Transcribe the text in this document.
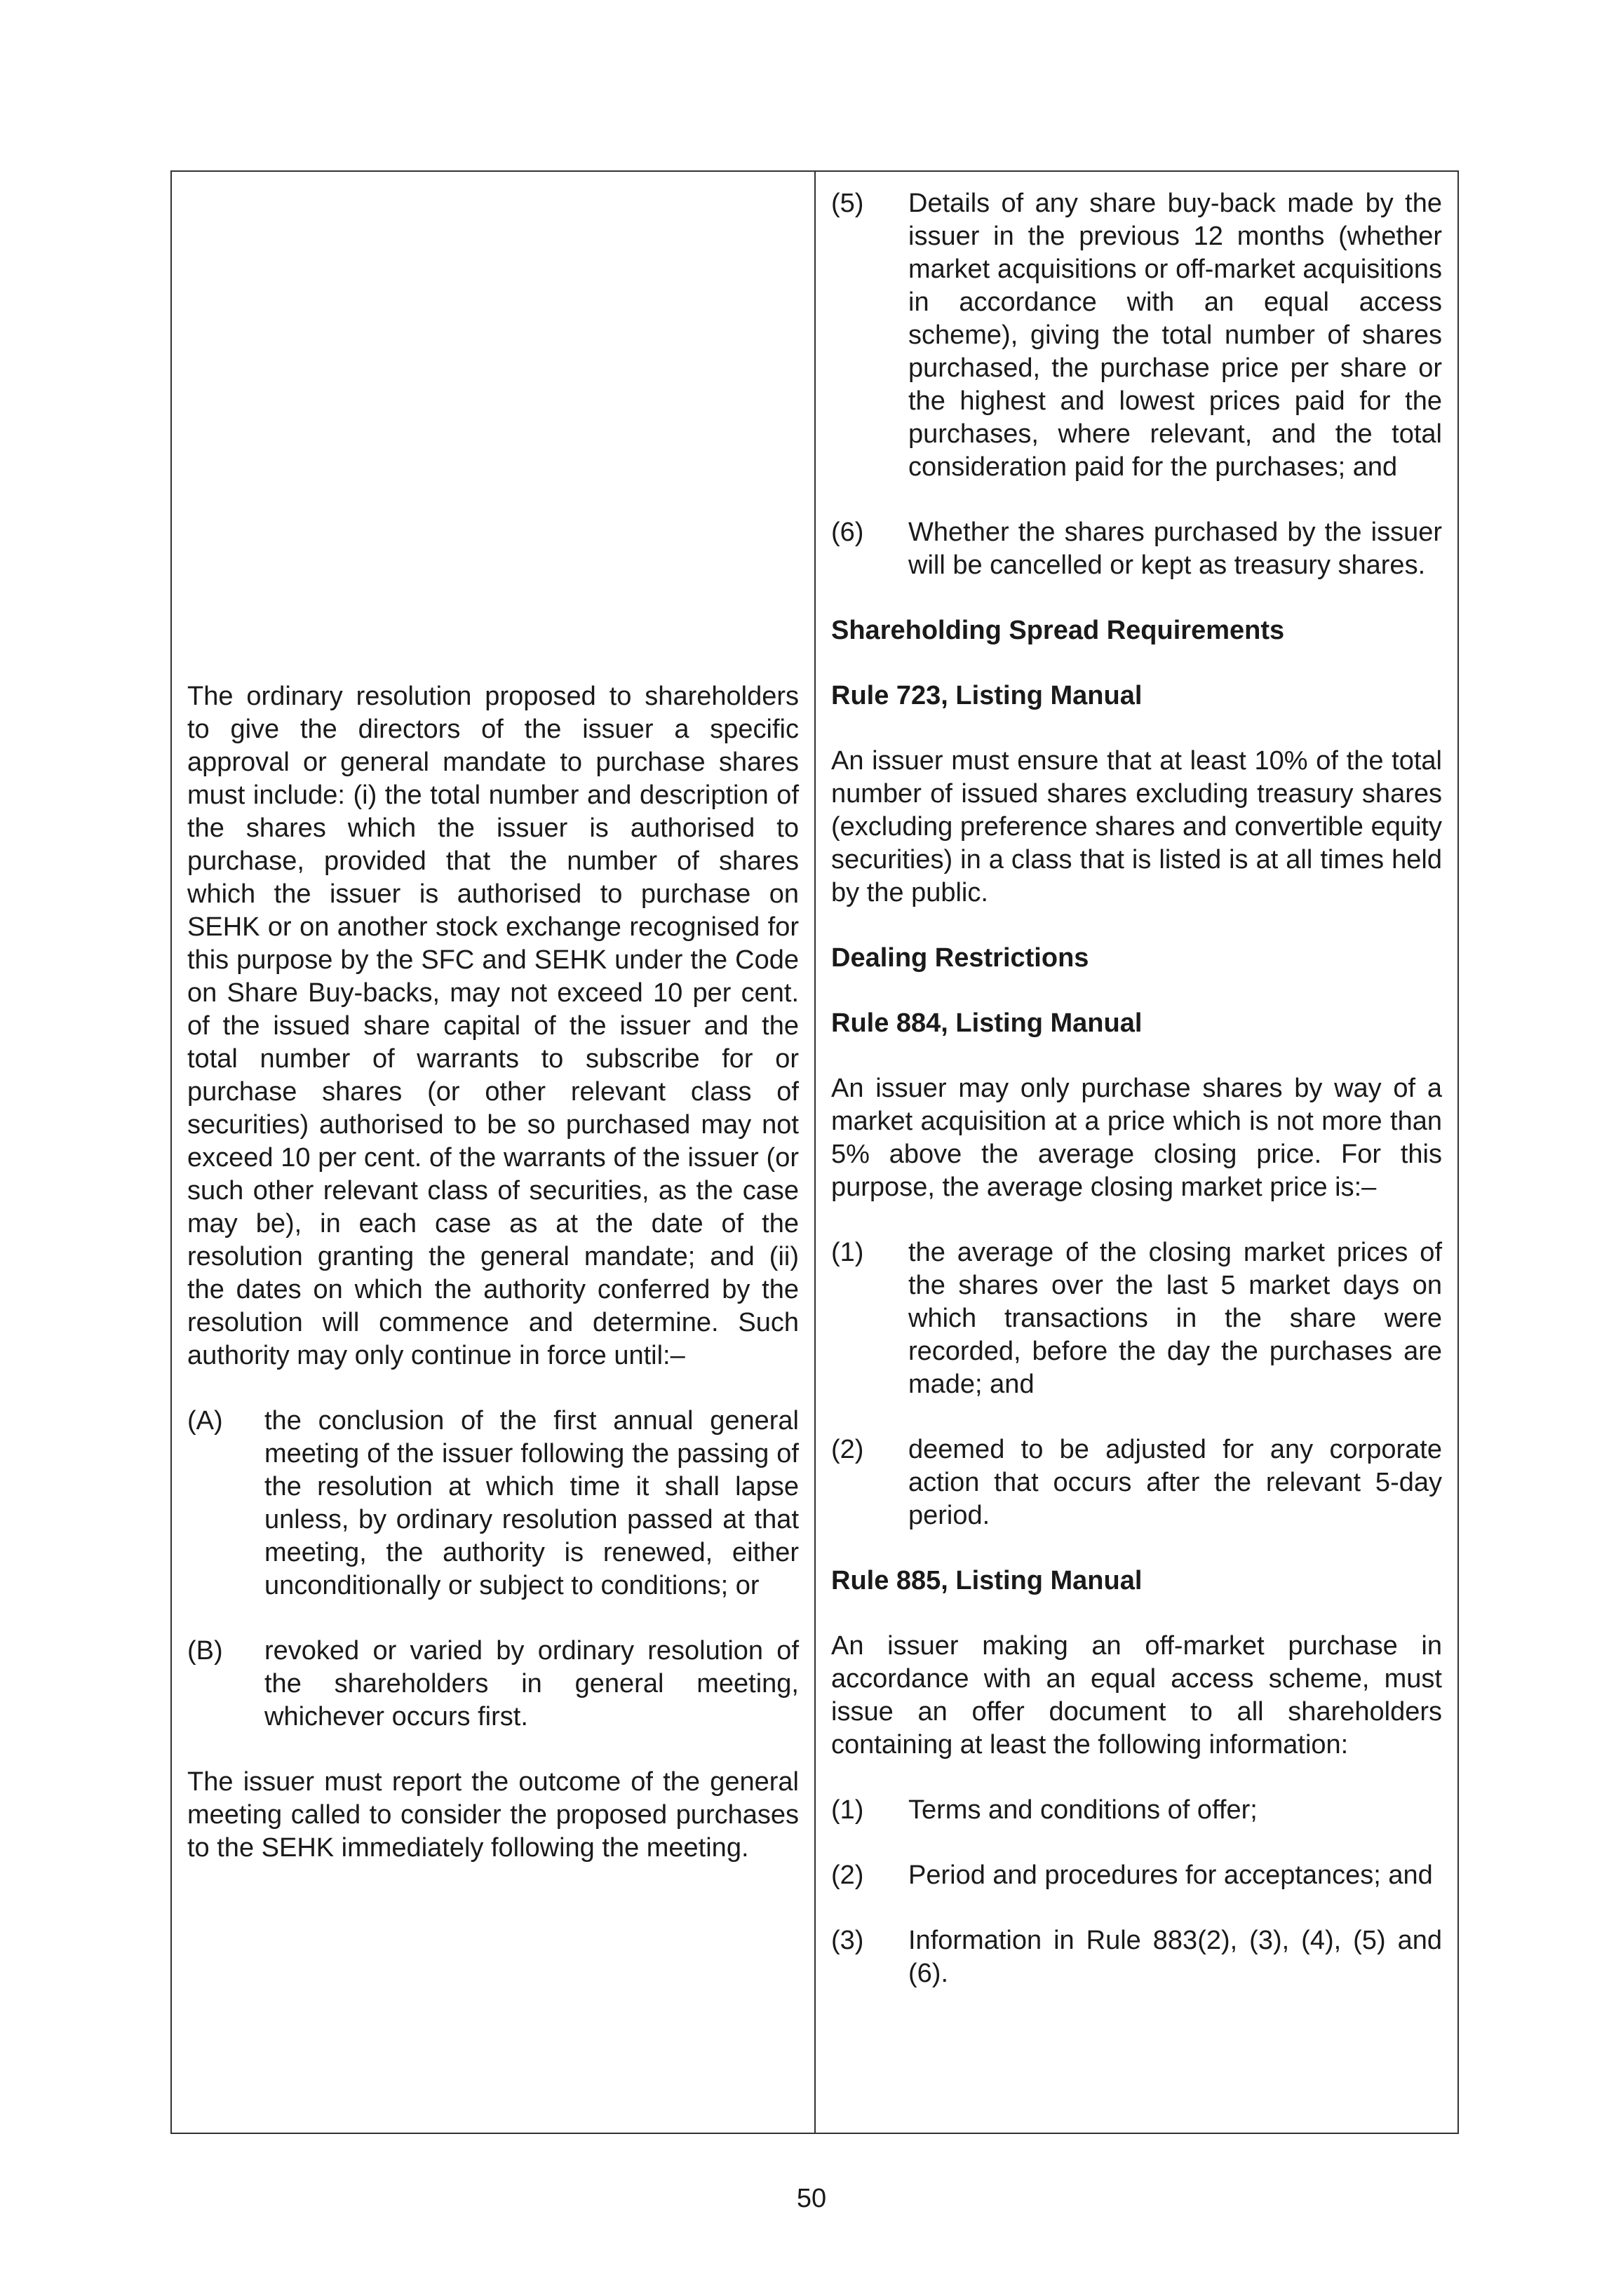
The ordinary resolution proposed to shareholders to give the directors of the issuer a specific approval or general mandate to purchase shares must include: (i) the total number and description of the shares which the issuer is authorised to purchase, provided that the number of shares which the issuer is authorised to purchase on SEHK or on another stock exchange recognised for this purpose by the SFC and SEHK under the Code on Share Buy-backs, may not exceed 10 per cent. of the issued share capital of the issuer and the total number of warrants to subscribe for or purchase shares (or other relevant class of securities) authorised to be so purchased may not exceed 10 per cent. of the warrants of the issuer (or such other relevant class of securities, as the case may be), in each case as at the date of the resolution granting the general mandate; and (ii) the dates on which the authority conferred by the resolution will commence and determine. Such authority may only continue in force until:–

(A)	the conclusion of the first annual general meeting of the issuer following the passing of the resolution at which time it shall lapse unless, by ordinary resolution passed at that meeting, the authority is renewed, either unconditionally or subject to conditions; or
(B)	revoked or varied by ordinary resolution of the shareholders in general meeting, whichever occurs first.

The issuer must report the outcome of the general meeting called to consider the proposed purchases to the SEHK immediately following the meeting.

(5)	Details of any share buy-back made by the issuer in the previous 12 months (whether market acquisitions or off-market acquisitions in accordance with an equal access scheme), giving the total number of shares purchased, the purchase price per share or the highest and lowest prices paid for the purchases, where relevant, and the total consideration paid for the purchases; and
(6)	Whether the shares purchased by the issuer will be cancelled or kept as treasury shares.

Shareholding Spread Requirements

Rule 723, Listing Manual

An issuer must ensure that at least 10% of the total number of issued shares excluding treasury shares (excluding preference shares and convertible equity securities) in a class that is listed is at all times held by the public.

Dealing Restrictions

Rule 884, Listing Manual

An issuer may only purchase shares by way of a market acquisition at a price which is not more than 5% above the average closing price. For this purpose, the average closing market price is:–

(1)	the average of the closing market prices of the shares over the last 5 market days on which transactions in the share were recorded, before the day the purchases are made; and
(2)	deemed to be adjusted for any corporate action that occurs after the relevant 5-day period.

Rule 885, Listing Manual

An issuer making an off-market purchase in accordance with an equal access scheme, must issue an offer document to all shareholders containing at least the following information:

(1)	Terms and conditions of offer;
(2)	Period and procedures for acceptances; and
(3)	Information in Rule 883(2), (3), (4), (5) and (6).
50
